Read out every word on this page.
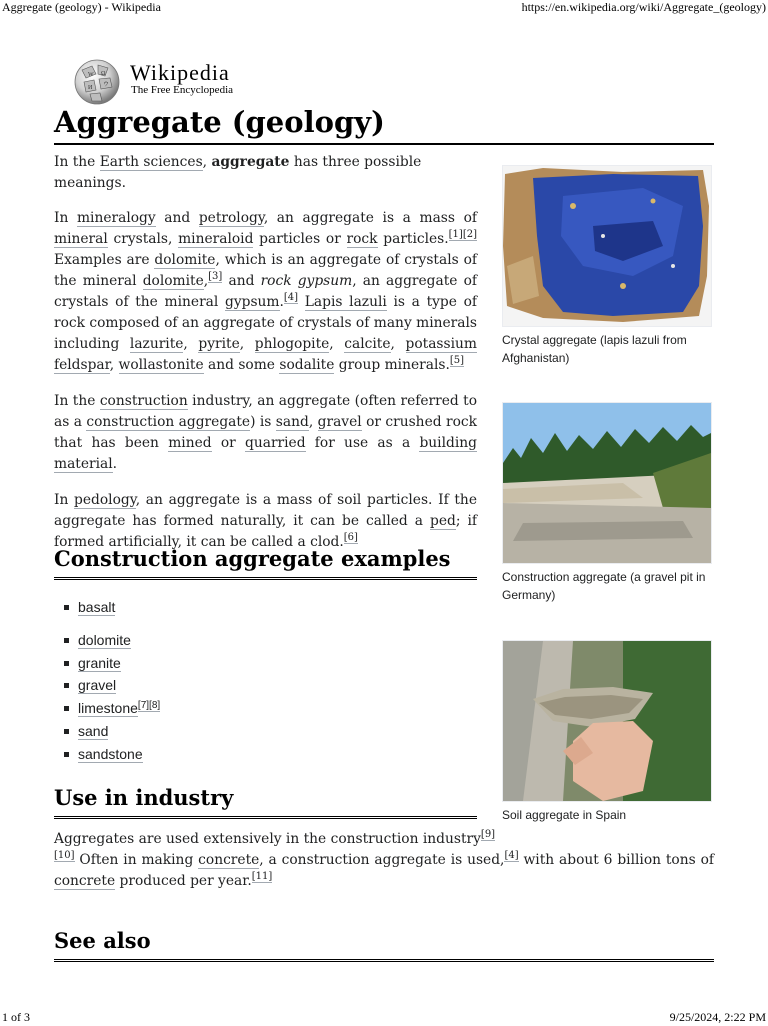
Aggregate (geology) - Wikipedia	https://en.wikipedia.org/wiki/Aggregate_(geology)
W Ω
И ウ Wikipedia
The Free Encyclopedia
Aggregate (geology)

In the Earth sciences, aggregate has three possible meanings.

In mineralogy and petrology, an aggregate is a mass of mineral crystals, mineraloid particles or rock particles.[1][2] Examples are dolomite, which is an aggregate of crystals of the mineral dolomite,[3] and rock gypsum, an aggregate of crystals of the mineral gypsum.[4] Lapis lazuli is a type of rock composed of an aggregate of crystals of many minerals including lazurite, pyrite, phlogopite, calcite, potassium feldspar, wollastonite and some sodalite group minerals.[5]

In the construction industry, an aggregate (often referred to as a construction aggregate) is sand, gravel or crushed rock that has been mined or quarried for use as a building material.

In pedology, an aggregate is a mass of soil particles. If the aggregate has formed naturally, it can be called a ped; if formed artificially, it can be called a clod.[6]

Construction aggregate examples
basalt
dolomite
granite
gravel
limestone[7][8]
sand
sandstone
Use in industry

Aggregates are used extensively in the construction industry[9]
[10] Often in making concrete, a construction aggregate is used,[4] with about 6 billion tons of concrete produced per year.[11]

See also
Crystal aggregate (lapis lazuli from Afghanistan)
Construction aggregate (a gravel pit in Germany)
Soil aggregate in Spain
1 of 3	9/25/2024, 2:22 PM
